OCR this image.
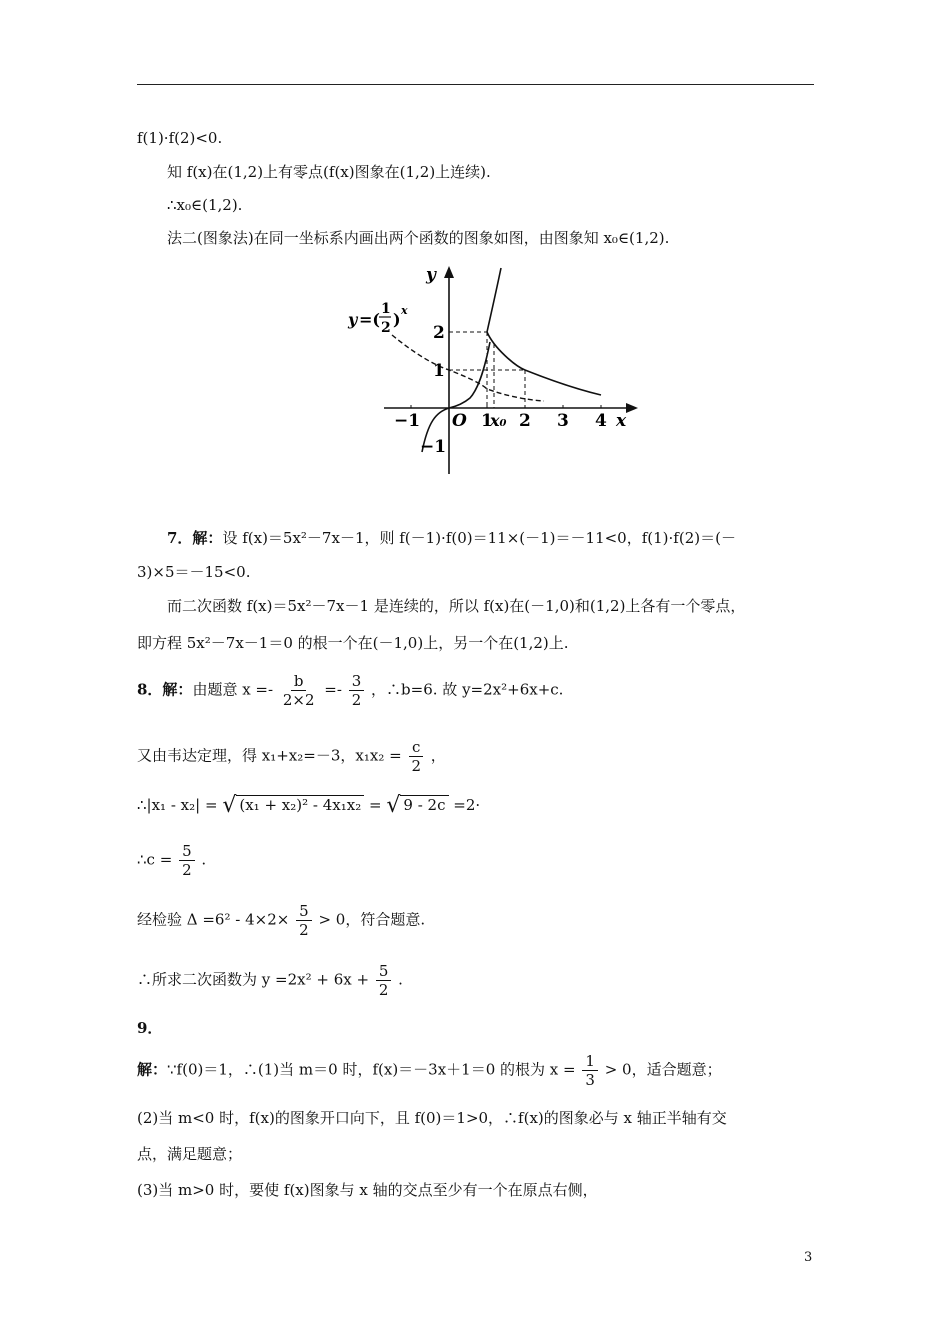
f(1)·f(2)<0.
知 f(x)在(1,2)上有零点(f(x)图象在(1,2)上连续).
∴x₀∈(1,2).
法二(图象法)在同一坐标系内画出两个函数的图象如图，由图象知 x₀∈(1,2).
y
x
O
−1	1
x₀ 2 3 4
2
1
−1
y =(
1
2 ) x
7．解：设 f(x)＝5x²－7x－1，则 f(－1)·f(0)＝11×(－1)＝－11<0，f(1)·f(2)＝(－
3)×5＝－15<0.
而二次函数 f(x)＝5x²－7x－1 是连续的，所以 f(x)在(－1,0)和(1,2)上各有一个零点，
即方程 5x²－7x－1＝0 的根一个在(－1,0)上，另一个在(1,2)上.
8．解：由题意 $x =- \frac{b}{2\times 2} =- \frac{3}{2}$ ，∴b=6. 故 y=2x²+6x+c.
又由韦达定理，得 x₁+x₂=－3，$x_1x_2 = \frac{c}{2}$ ，
∴|x₁ - x₂| = √ (x₁ + x₂)² - 4x₁x₂ = √ 9 - 2c =2·
∴c = $\frac{5}{2}$ .
经检验 $\Delta =6^2 - 4\times 2\times \frac{5}{2} > 0$，符合题意.
∴所求二次函数为 $y =2x^2 + 6x + \frac{5}{2}$ .
9．
解：∵f(0)＝1，∴(1)当 m＝0 时，f(x)＝－3x＋1＝0 的根为 $x = \frac{1}{3} > 0$，适合题意；
(2)当 m<0 时，f(x)的图象开口向下，且 f(0)＝1>0，∴f(x)的图象必与 x 轴正半轴有交
点，满足题意；
(3)当 m>0 时，要使 f(x)图象与 x 轴的交点至少有一个在原点右侧，
3
